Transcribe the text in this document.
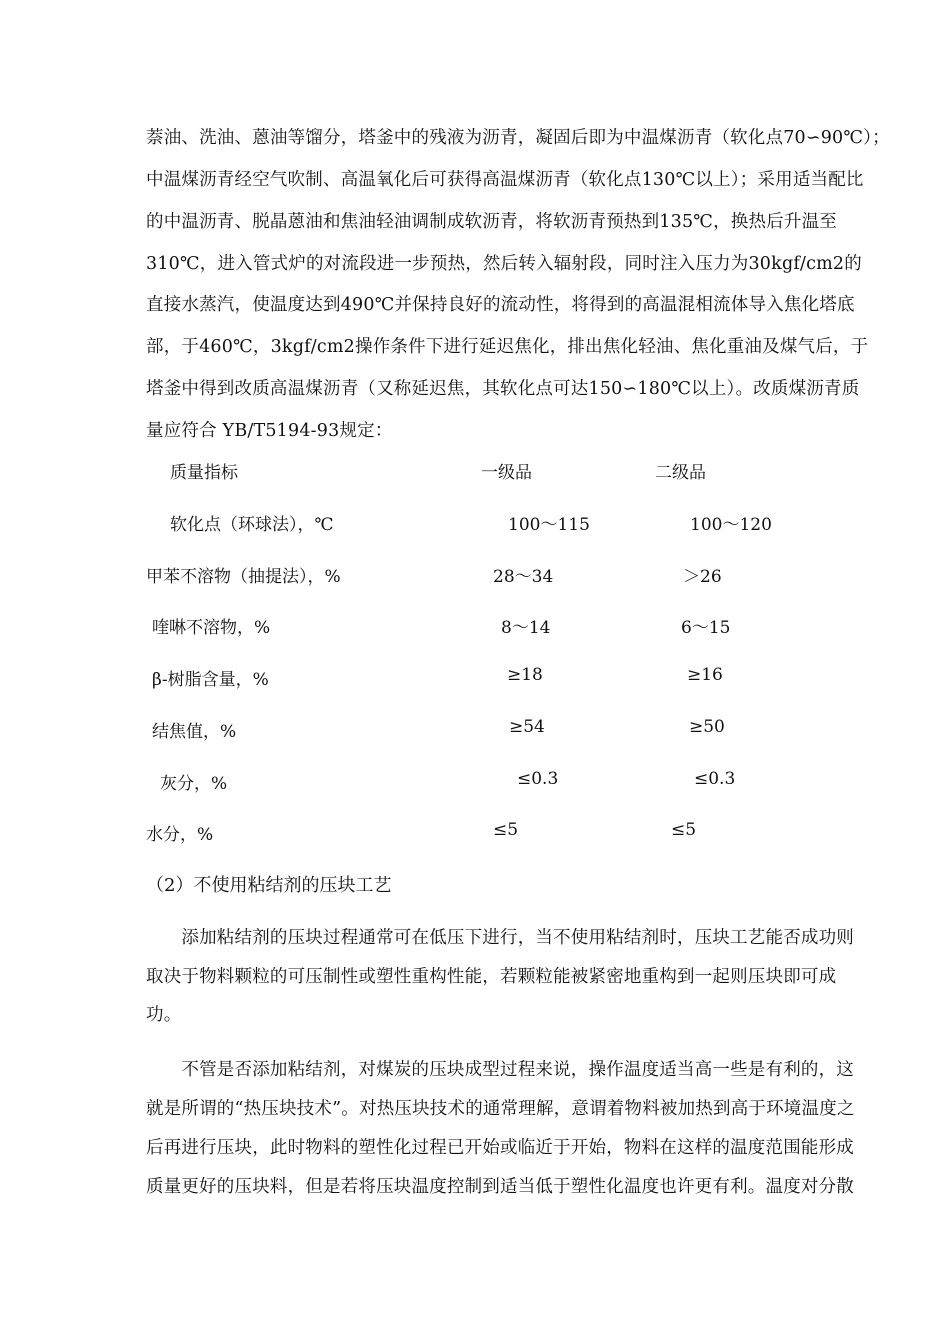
萘油、洗油、蒽油等馏分，塔釜中的残液为沥青，凝固后即为中温煤沥青（软化点70∽90℃）；
中温煤沥青经空气吹制、高温氧化后可获得高温煤沥青（软化点130℃以上）；采用适当配比
的中温沥青、脱晶蒽油和焦油轻油调制成软沥青，将软沥青预热到135℃，换热后升温至
310℃，进入管式炉的对流段进一步预热，然后转入辐射段，同时注入压力为30kgf/cm2的
直接水蒸汽，使温度达到490℃并保持良好的流动性，将得到的高温混相流体导入焦化塔底
部，于460℃，3kgf/cm2操作条件下进行延迟焦化，排出焦化轻油、焦化重油及煤气后，于
塔釜中得到改质高温煤沥青（又称延迟焦，其软化点可达150∽180℃以上）。改质煤沥青质
量应符合 YB/T5194-93规定：
质量指标	一级品	二级品
软化点（环球法），℃	100～115	100～120
甲苯不溶物（抽提法），%	28～34	＞26
喹啉不溶物，%	8～14	6～15
β-树脂含量，%	≥18	≥16
结焦值，%	≥54	≥50
灰分，%	≤0.3	≤0.3
水分，%	≤5	≤5
（2）不使用粘结剂的压块工艺
　　添加粘结剂的压块过程通常可在低压下进行，当不使用粘结剂时，压块工艺能否成功则
取决于物料颗粒的可压制性或塑性重构性能，若颗粒能被紧密地重构到一起则压块即可成
功。
　　不管是否添加粘结剂，对煤炭的压块成型过程来说，操作温度适当高一些是有利的，这
就是所谓的“热压块技术”。对热压块技术的通常理解，意谓着物料被加热到高于环境温度之
后再进行压块，此时物料的塑性化过程已开始或临近于开始，物料在这样的温度范围能形成
质量更好的压块料，但是若将压块温度控制到适当低于塑性化温度也许更有利。温度对分散
